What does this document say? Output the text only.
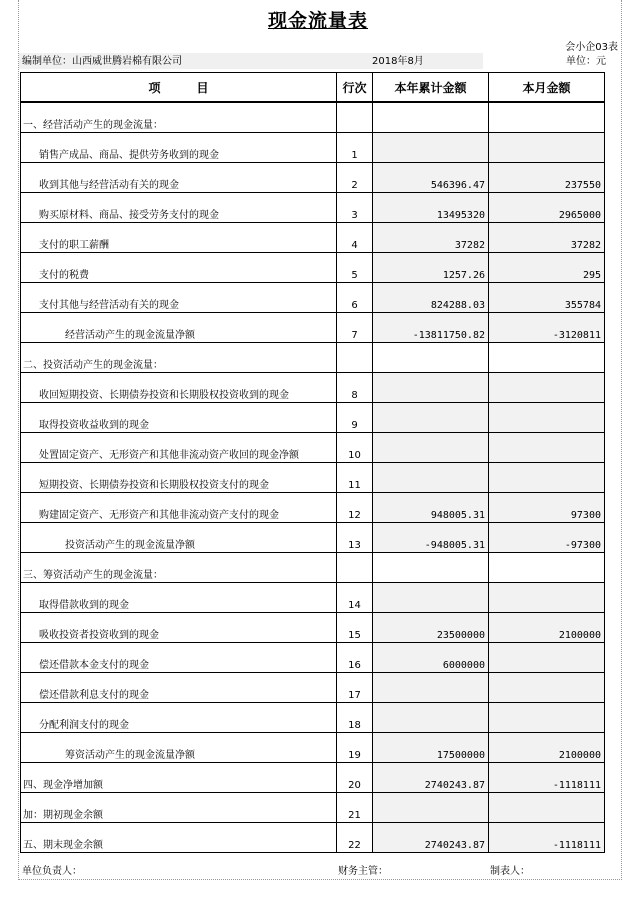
现金流量表
会小企03表
编制单位：山西威世腾岩棉有限公司	2018年8月	单位：元
项　　　目	行次	本年累计金额	本月金额
一、经营活动产生的现金流量：			
销售产成品、商品、提供劳务收到的现金	1		
收到其他与经营活动有关的现金	2	546396.47	237550
购买原材料、商品、接受劳务支付的现金	3	13495320	2965000
支付的职工薪酬	4	37282	37282
支付的税费	5	1257.26	295
支付其他与经营活动有关的现金	6	824288.03	355784
经营活动产生的现金流量净额	7	-13811750.82	-3120811
二、投资活动产生的现金流量：			
收回短期投资、长期债券投资和长期股权投资收到的现金	8		
取得投资收益收到的现金	9		
处置固定资产、无形资产和其他非流动资产收回的现金净额	10		
短期投资、长期债券投资和长期股权投资支付的现金	11		
购建固定资产、无形资产和其他非流动资产支付的现金	12	948005.31	97300
投资活动产生的现金流量净额	13	-948005.31	-97300
三、筹资活动产生的现金流量：			
取得借款收到的现金	14		
吸收投资者投资收到的现金	15	23500000	2100000
偿还借款本金支付的现金	16	6000000	
偿还借款利息支付的现金	17		
分配利润支付的现金	18		
筹资活动产生的现金流量净额	19	17500000	2100000
四、现金净增加额	20	2740243.87	-1118111
加：期初现金余额	21		
五、期末现金余额	22	2740243.87	-1118111
单位负责人：	财务主管：	制表人：
